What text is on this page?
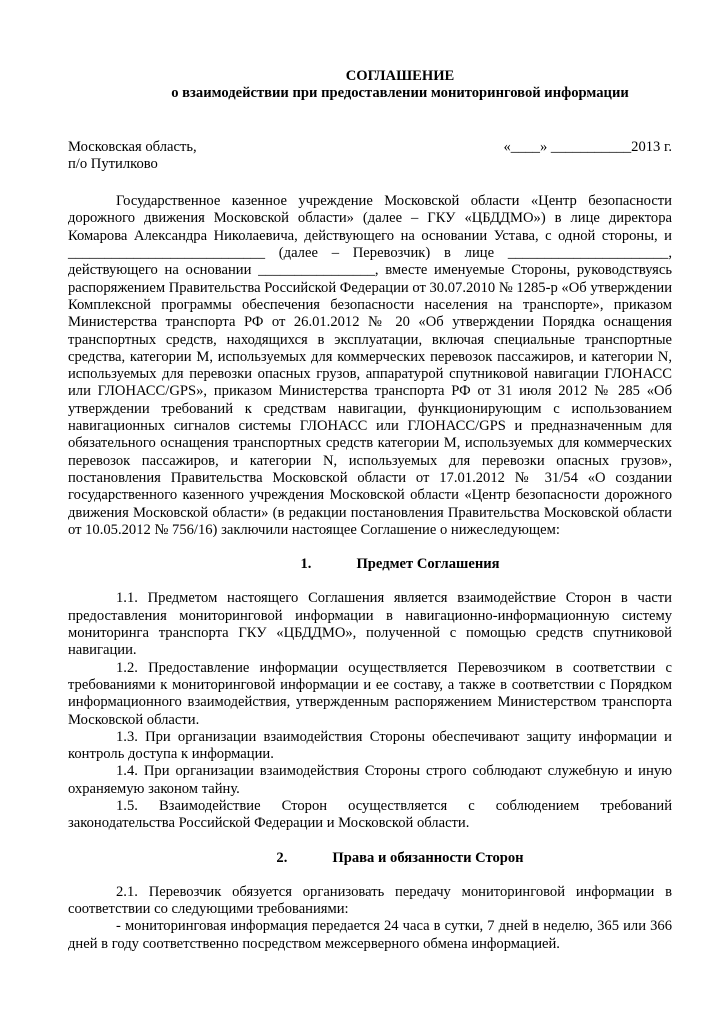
СОГЛАШЕНИЕ
о взаимодействии при предоставлении мониторинговой информации
Московская область,
п/о Путилково
«____» ___________2013 г.

Государственное казенное учреждение Московской области «Центр безопасности дорожного движения Московской области» (далее – ГКУ «ЦБДДМО») в лице директора Комарова Александра Николаевича, действующего на основании Устава, с одной стороны, и ___________________________ (далее – Перевозчик) в лице ______________________, действующего на основании ________________, вместе именуемые Стороны, руководствуясь распоряжением Правительства Российской Федерации от 30.07.2010 № 1285-р «Об утверждении Комплексной программы обеспечения безопасности населения на транспорте», приказом Министерства транспорта РФ от 26.01.2012 № 20 «Об утверждении Порядка оснащения транспортных средств, находящихся в эксплуатации, включая специальные транспортные средства, категории М, используемых для коммерческих перевозок пассажиров, и категории N, используемых для перевозки опасных грузов, аппаратурой спутниковой навигации ГЛОНАСС или ГЛОНАСС/GPS», приказом Министерства транспорта РФ от 31 июля 2012 № 285 «Об утверждении требований к средствам навигации, функционирующим с использованием навигационных сигналов системы ГЛОНАСС или ГЛОНАСС/GPS и предназначенным для обязательного оснащения транспортных средств категории М, используемых для коммерческих перевозок пассажиров, и категории N, используемых для перевозки опасных грузов», постановления Правительства Московской области от 17.01.2012 № 31/54 «О создании государственного казенного учреждения Московской области «Центр безопасности дорожного движения Московской области» (в редакции постановления Правительства Московской области от 10.05.2012 № 756/16) заключили настоящее Соглашение о нижеследующем:

1.	Предмет Соглашения

1.1. Предметом настоящего Соглашения является взаимодействие Сторон в части предоставления мониторинговой информации в навигационно-информационную систему мониторинга транспорта ГКУ «ЦБДДМО», полученной с помощью средств спутниковой навигации.

1.2. Предоставление информации осуществляется Перевозчиком в соответствии с требованиями к мониторинговой информации и ее составу, а также в соответствии с Порядком информационного взаимодействия, утвержденным распоряжением Министерством транспорта Московской области.

1.3. При организации взаимодействия Стороны обеспечивают защиту информации и контроль доступа к информации.

1.4. При организации взаимодействия Стороны строго соблюдают служебную и иную охраняемую законом тайну.

1.5. Взаимодействие Сторон осуществляется с соблюдением требований законодательства Российской Федерации и Московской области.

2.	Права и обязанности Сторон

2.1. Перевозчик обязуется организовать передачу мониторинговой информации в соответствии со следующими требованиями:

- мониторинговая информация передается 24 часа в сутки, 7 дней в неделю, 365 или 366 дней в году соответственно посредством межсерверного обмена информацией.
